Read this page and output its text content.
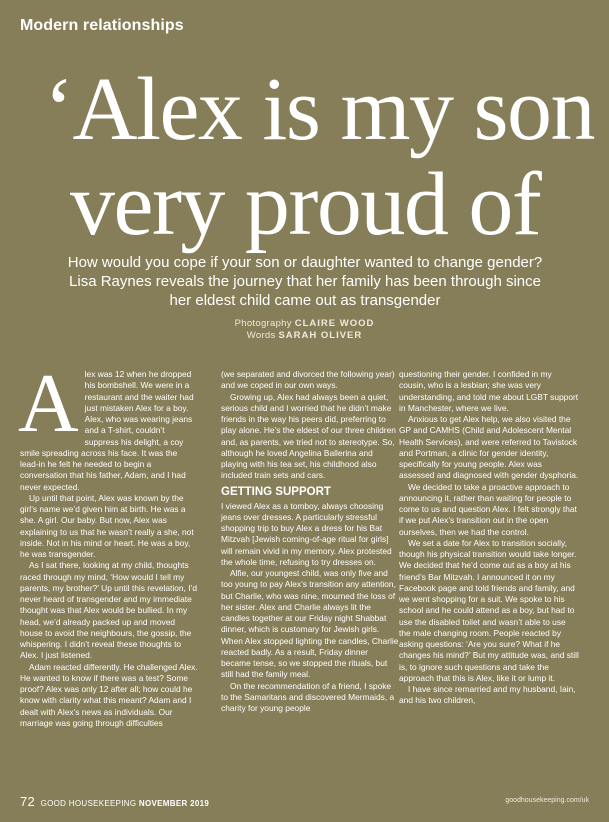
Modern relationships
‘Alex is my son
very proud of
How would you cope if your son or daughter wanted to change gender? Lisa Raynes reveals the journey that her family has been through since her eldest child came out as transgender
Photography CLAIRE WOOD
Words SARAH OLIVER

Alex was 12 when he dropped his bombshell. We were in a restaurant and the waiter had just mistaken Alex for a boy. Alex, who was wearing jeans and a T-shirt, couldn’t suppress his delight, a coy smile spreading across his face. It was the lead-in he felt he needed to begin a conversation that his father, Adam, and I had never expected.

Up until that point, Alex was known by the girl’s name we’d given him at birth. He was a she. A girl. Our baby. But now, Alex was explaining to us that he wasn’t really a she, not inside. Not in his mind or heart. He was a boy, he was transgender.

As I sat there, looking at my child, thoughts raced through my mind, ‘How would I tell my parents, my brother?’ Up until this revelation, I’d never heard of transgender and my immediate thought was that Alex would be bullied. In my head, we’d already packed up and moved house to avoid the neighbours, the gossip, the whispering. I didn’t reveal these thoughts to Alex. I just listened.

Adam reacted differently. He challenged Alex. He wanted to know if there was a test? Some proof? Alex was only 12 after all; how could he know with clarity what this meant? Adam and I dealt with Alex’s news as individuals. Our marriage was going through difficulties

(we separated and divorced the following year) and we coped in our own ways.

Growing up, Alex had always been a quiet, serious child and I worried that he didn’t make friends in the way his peers did, preferring to play alone. He’s the eldest of our three children and, as parents, we tried not to stereotype. So, although he loved Angelina Ballerina and playing with his tea set, his childhood also included train sets and cars.

GETTING SUPPORT

I viewed Alex as a tomboy, always choosing jeans over dresses. A particularly stressful shopping trip to buy Alex a dress for his Bat Mitzvah [Jewish coming-of-age ritual for girls] will remain vivid in my memory. Alex protested the whole time, refusing to try dresses on.

Alfie, our youngest child, was only five and too young to pay Alex’s transition any attention, but Charlie, who was nine, mourned the loss of her sister. Alex and Charlie always lit the candles together at our Friday night Shabbat dinner, which is customary for Jewish girls. When Alex stopped lighting the candles, Charlie reacted badly. As a result, Friday dinner became tense, so we stopped the rituals, but still had the family meal.

On the recommendation of a friend, I spoke to the Samaritans and discovered Mermaids, a charity for young people

questioning their gender. I confided in my cousin, who is a lesbian; she was very understanding, and told me about LGBT support in Manchester, where we live.

Anxious to get Alex help, we also visited the GP and CAMHS (Child and Adolescent Mental Health Services), and were referred to Tavistock and Portman, a clinic for gender identity, specifically for young people. Alex was assessed and diagnosed with gender dysphoria.

We decided to take a proactive approach to announcing it, rather than waiting for people to come to us and question Alex. I felt strongly that if we put Alex’s transition out in the open ourselves, then we had the control.

We set a date for Alex to transition socially, though his physical transition would take longer. We decided that he’d come out as a boy at his friend’s Bar Mitzvah. I announced it on my Facebook page and told friends and family, and we went shopping for a suit. We spoke to his school and he could attend as a boy, but had to use the disabled toilet and wasn’t able to use the male changing room. People reacted by asking questions: ‘Are you sure? What if he changes his mind?’ But my attitude was, and still is, to ignore such questions and take the approach that this is Alex, like it or lump it.

I have since remarried and my husband, Iain, and his two children,

72 GOOD HOUSEKEEPING NOVEMBER 2019	goodhousekeeping.com/uk
